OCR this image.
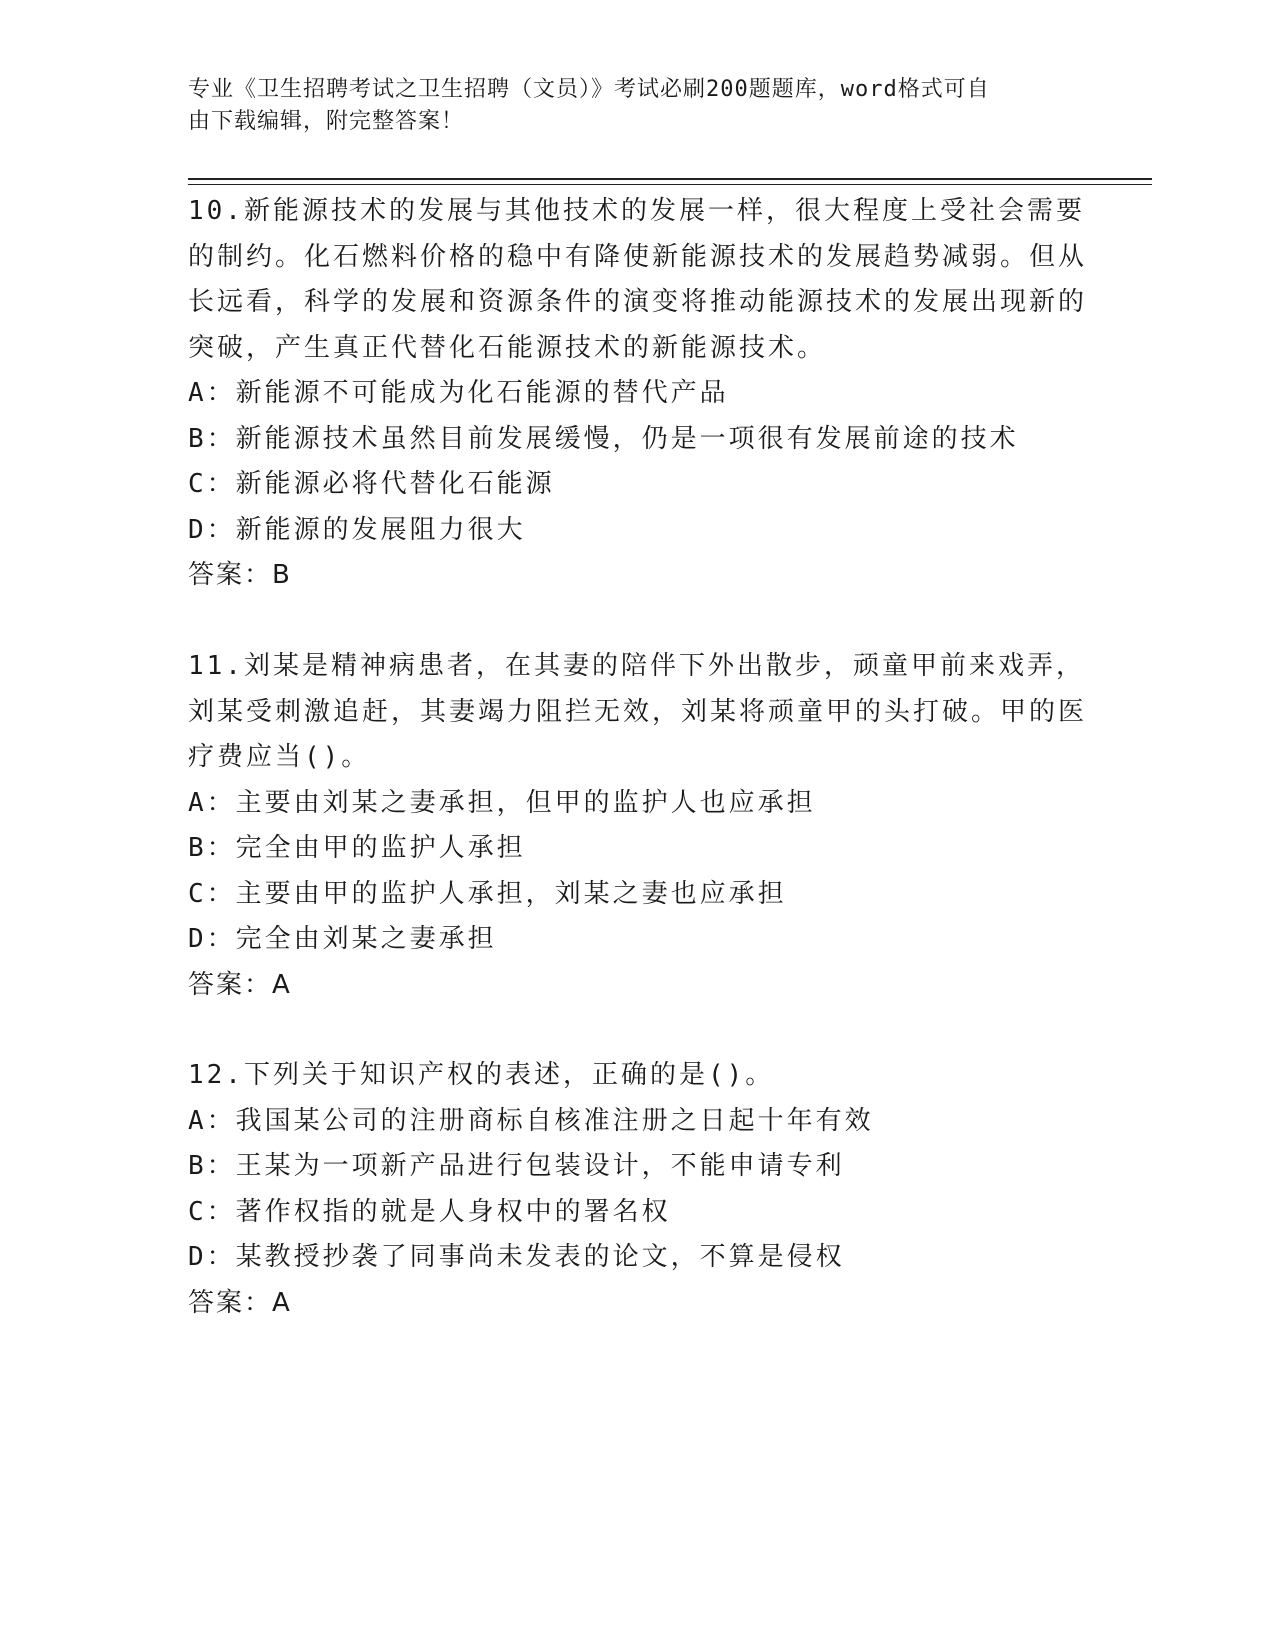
专业《卫生招聘考试之卫生招聘（文员）》考试必刷200题题库，word格式可自
由下载编辑，附完整答案！

10.新能源技术的发展与其他技术的发展一样，很大程度上受社会需要的制约。化石燃料价格的稳中有降使新能源技术的发展趋势减弱。但从长远看，科学的发展和资源条件的演变将推动能源技术的发展出现新的突破，产生真正代替化石能源技术的新能源技术。

A：新能源不可能成为化石能源的替代产品

B：新能源技术虽然目前发展缓慢，仍是一项很有发展前途的技术

C：新能源必将代替化石能源

D：新能源的发展阻力很大

答案：B

11.刘某是精神病患者，在其妻的陪伴下外出散步，顽童甲前来戏弄，刘某受刺激追赶，其妻竭力阻拦无效，刘某将顽童甲的头打破。甲的医疗费应当()。

A：主要由刘某之妻承担，但甲的监护人也应承担

B：完全由甲的监护人承担

C：主要由甲的监护人承担，刘某之妻也应承担

D：完全由刘某之妻承担

答案：A

12.下列关于知识产权的表述，正确的是()。

A：我国某公司的注册商标自核准注册之日起十年有效

B：王某为一项新产品进行包装设计，不能申请专利

C：著作权指的就是人身权中的署名权

D：某教授抄袭了同事尚未发表的论文，不算是侵权

答案：A
